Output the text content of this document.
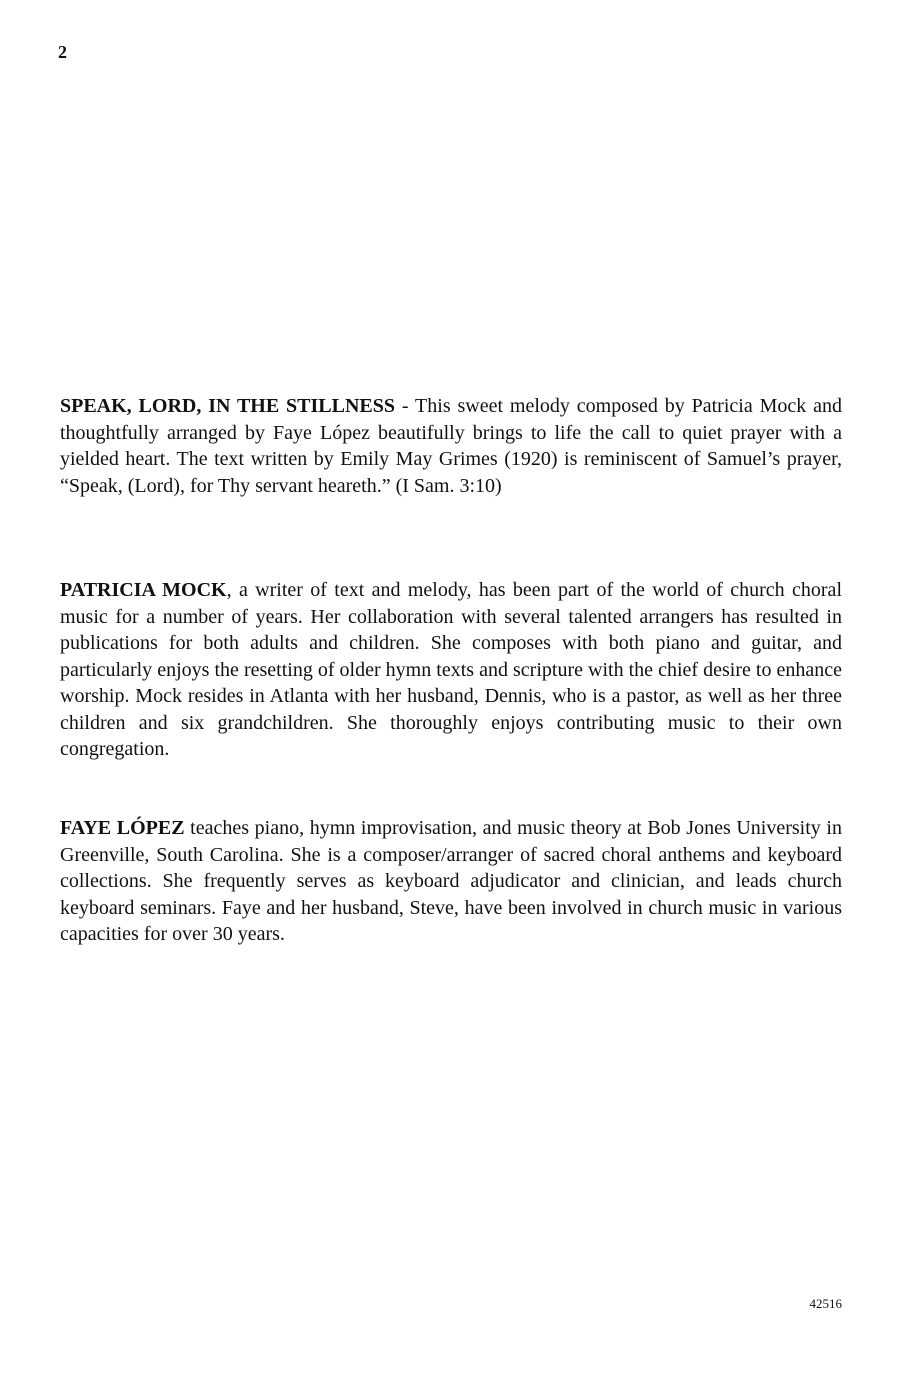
2

SPEAK, LORD, IN THE STILLNESS - This sweet melody composed by Patricia Mock and thoughtfully arranged by Faye López beautifully brings to life the call to quiet prayer with a yielded heart. The text written by Emily May Grimes (1920) is reminiscent of Samuel’s prayer, “Speak, (Lord), for Thy servant heareth.” (I Sam. 3:10)

PATRICIA MOCK, a writer of text and melody, has been part of the world of church choral music for a number of years. Her collaboration with several talented arrangers has resulted in publications for both adults and children. She composes with both piano and guitar, and particularly enjoys the resetting of older hymn texts and scripture with the chief desire to enhance worship. Mock resides in Atlanta with her husband, Dennis, who is a pastor, as well as her three children and six grandchildren. She thoroughly enjoys contributing music to their own congregation.

FAYE LÓPEZ teaches piano, hymn improvisation, and music theory at Bob Jones University in Greenville, South Carolina. She is a composer/arranger of sacred choral anthems and keyboard collections. She frequently serves as keyboard adjudicator and clinician, and leads church keyboard seminars. Faye and her husband, Steve, have been involved in church music in various capacities for over 30 years.

42516
